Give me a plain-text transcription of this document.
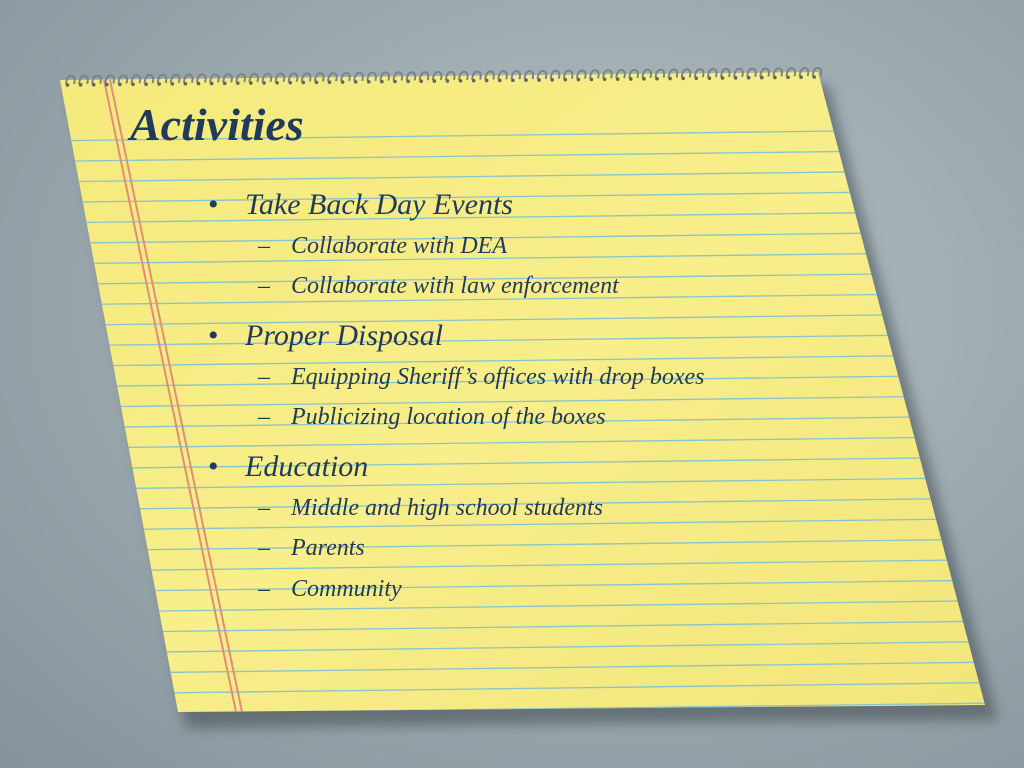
Activities
• Take Back Day Events
– Collaborate with DEA
– Collaborate with law enforcement
• Proper Disposal
– Equipping Sheriff’s offices with drop boxes
– Publicizing location of the boxes
• Education
– Middle and high school students
– Parents
– Community
